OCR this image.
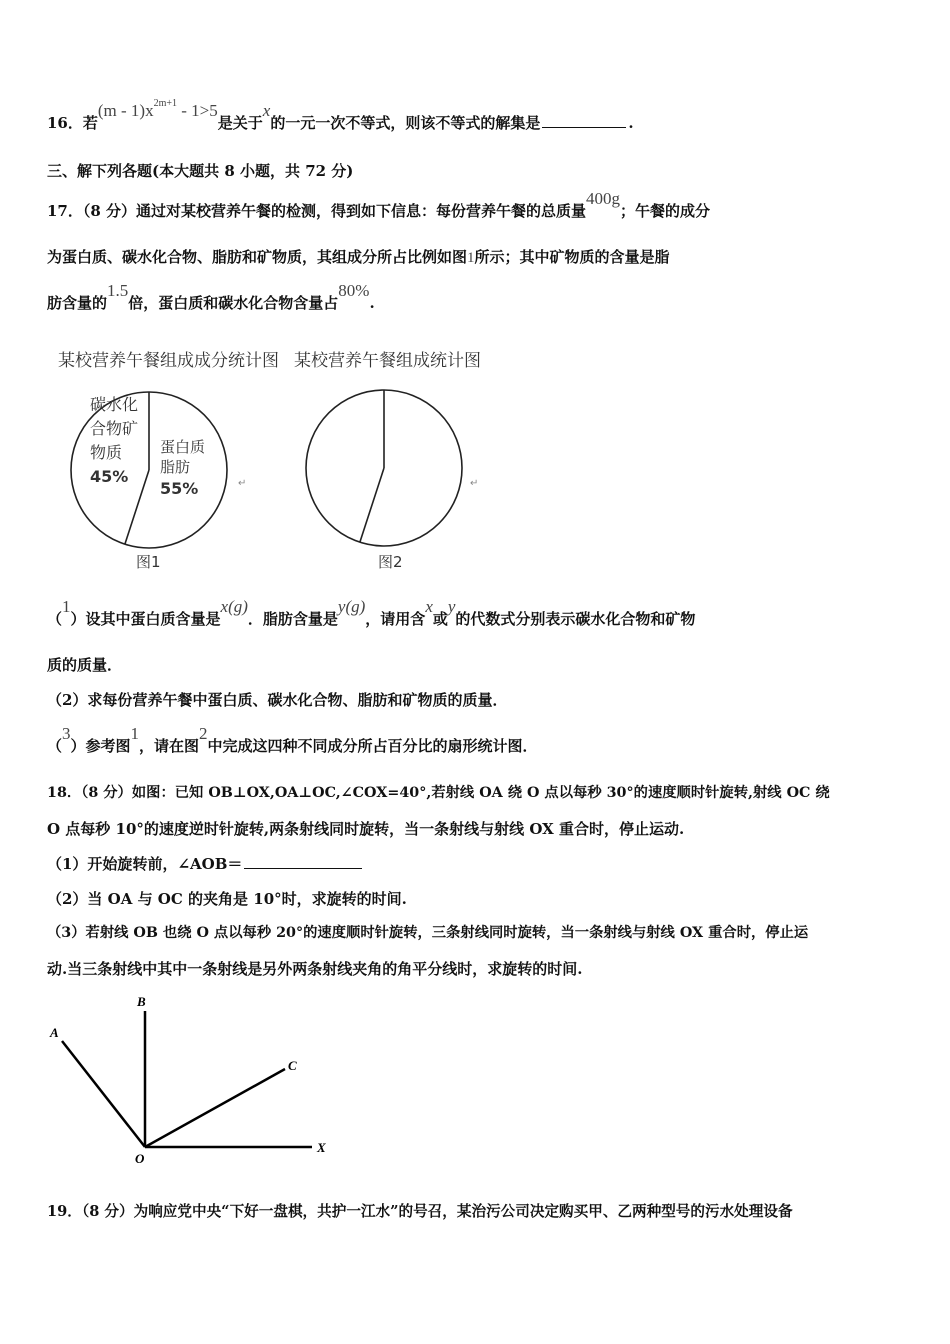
16．若$(m - 1)x^{2m+1} - 1>5$是关于x的一元一次不等式，则该不等式的解集是	.
三、解下列各题(本大题共 8 小题，共 72 分)
17．（8 分）通过对某校营养午餐的检测，得到如下信息：每份营养午餐的总质量400g；午餐的成分
为蛋白质、碳水化合物、脂肪和矿物质，其组成分所占比例如图1所示；其中矿物质的含量是脂
肪含量的1.5倍，蛋白质和碳水化合物含量占80%.
某校营养午餐组成成分统计图 某校营养午餐组成统计图
蛋白质
脂肪
55%
碳水化
合物矿
物质
45%	↵	↵
图1	图2
（1）设其中蛋白质含量是x(g)．脂肪含量是y(g)，请用含x或y的代数式分别表示碳水化合物和矿物
质的质量．
（2）求每份营养午餐中蛋白质、碳水化合物、脂肪和矿物质的质量．
（3）参考图1，请在图2中完成这四种不同成分所占百分比的扇形统计图．
18．（8 分）如图：已知 OB⊥OX,OA⊥OC,∠COX=40°,若射线 OA 绕 O 点以每秒 30°的速度顺时针旋转,射线 OC 绕
O 点每秒 10°的速度逆时针旋转,两条射线同时旋转，当一条射线与射线 OX 重合时，停止运动.
（1）开始旋转前，∠AOB＝
（2）当 OA 与 OC 的夹角是 10°时，求旋转的时间.
（3）若射线 OB 也绕 O 点以每秒 20°的速度顺时针旋转，三条射线同时旋转，当一条射线与射线 OX 重合时，停止运
动.当三条射线中其中一条射线是另外两条射线夹角的角平分线时，求旋转的时间.
A
B
C
O
X
19．（8 分）为响应党中央“下好一盘棋，共护一江水”的号召，某治污公司决定购买甲、乙两种型号的污水处理设备
